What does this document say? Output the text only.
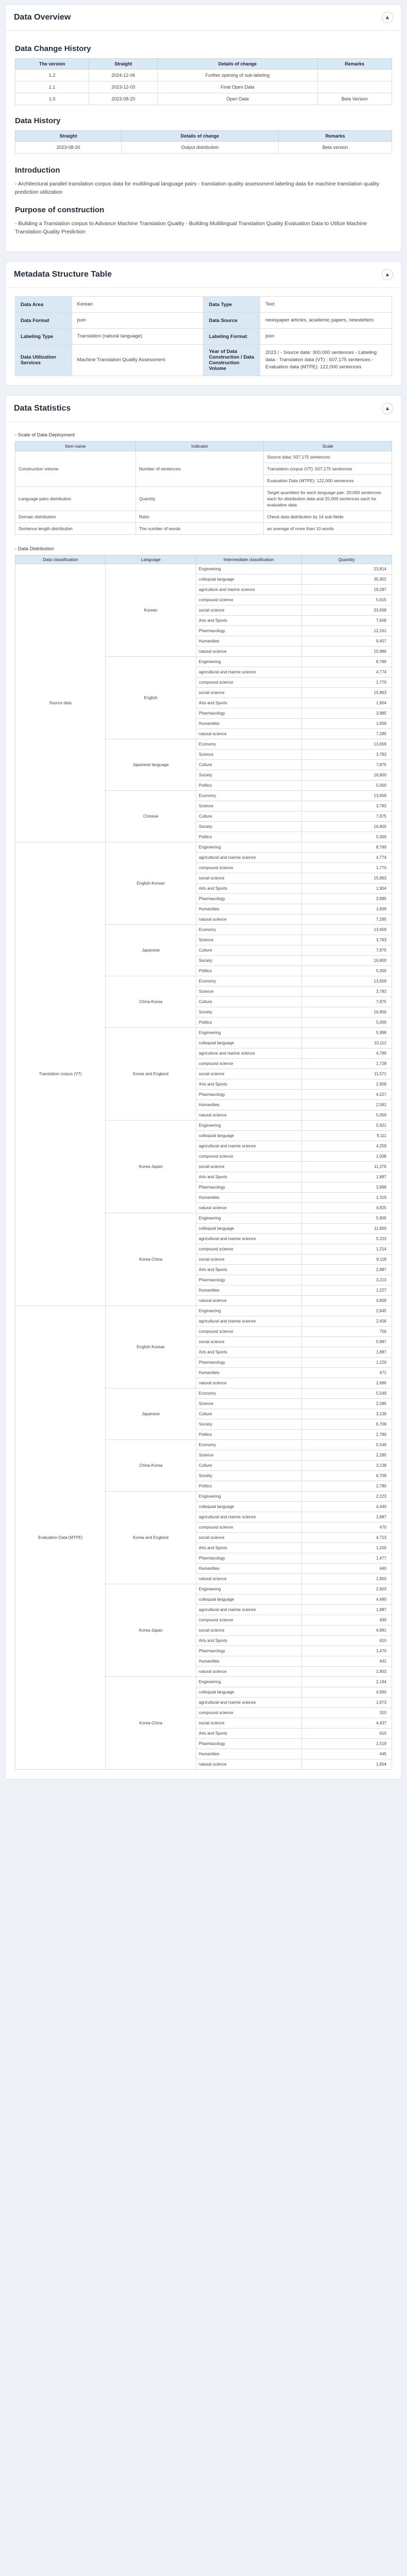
Data Overview	▲
Data Change History
The version	Straight	Details of change	Remarks
1.2	2024-12-06	Further opening of sub-labeling	
1.1	2023-12-03	Final Open Data	
1.0	2023-08-20	Open Data	Beta Version
Data History
Straight	Details of change	Remarks
2023-08-20	Output distribution	Beta version
Introduction

- Architectural parallel translation corpus data for multilingual language pairs - translation quality assessment labeling data for machine translation quality prediction utilization

Purpose of construction

- Building a Translation corpus to Advance Machine Translation Quality - Building Multilingual Translation Quality Evaluation Data to Utilize Machine Translation Quality Prediction

Metadata Structure Table	▲
Data Area	Korean	Data Type	Text
Data Format	json	Data Source	newspaper articles, academic papers, newsletters
Labeling Type	Translation (natural language)	Labeling Format	json
Data Utilization Services	Machine Translation Quality Assessment	Year of Data Construction / Data Construction Volume	2023 / - Source data: 300,000 sentences - Labeling data - Translation data (VT) : 507,175 sentences - Evaluation data (MTPE): 122,000 sentences
Data Statistics	▲
- Scale of Data Deployment
Item name	Indicator	Scale
Construction volume	Number of sentences	Source data: 507,175 sentences
		Translation corpus (VT): 507,175 sentences
		Evaluation Data (MTPE): 122,000 sentences
Language pairs distribution	Quantity	Target quantities for each language pair: 20,000 sentences each for distribution data and 20,000 sentences each for evaluation data
Domain distribution	Ratio	Check data distribution by 14 sub-fields
Sentence length distribution	The number of words	an average of more than 10 words
- Data Distribution
Data classification	Language	Intermediate classification	Quantity
Source data	Korean	Engineering	23,814
		colloquial language	35,902
		agriculture and marine science	19,287
		compound science	5,615
		social science	33,658
		Arts and Sports	7,658
		Pharmacology	12,161
		Humanities	9,457
		natural science	15,986
	English	Engineering	8,789
		agricultural and marine science	4,774
		compound science	1,770
		social science	15,863
		Arts and Sports	1,904
		Pharmacology	3,985
		Humanities	1,839
		natural science	7,285
	Japanese language	Economy	13,659
		Science	3,783
		Culture	7,875
		Society	16,800
		Politics	5,000
	Chinese	Economy	13,659
		Science	3,783
		Culture	7,875
		Society	16,800
		Politics	5,000
Translation corpus (VT)	English-Korean	Engineering	8,789
		agricultural and marine science	4,774
		compound science	1,770
		social science	15,863
		Arts and Sports	1,904
		Pharmacology	3,985
		Humanities	1,839
		natural science	7,285
	Japanese	Economy	13,659
		Science	3,783
		Culture	7,875
		Society	16,800
		Politics	5,000
	China-Korea	Economy	13,659
		Science	3,783
		Culture	7,875
		Society	16,800
		Politics	5,000
	Korea and England	Engineering	5,998
		colloquial language	10,112
		agriculture and marine science	4,789
		compound science	1,728
		social science	11,571
		Arts and Sports	2,958
		Pharmacology	4,227
		Humanities	2,581
		natural science	5,059
	Korea-Japan	Engineering	5,921
		colloquial language	9,111
		agricultural and marine science	4,259
		compound science	1,008
		social science	11,376
		Arts and Sports	1,887
		Pharmacology	3,998
		Humanities	1,319
		natural science	4,925
	Korea-China	Engineering	5,805
		colloquial language	11,800
		agricultural and marine science	5,223
		compound science	1,214
		social science	9,118
		Arts and Sports	2,887
		Pharmacology	3,213
		Humanities	1,227
		natural science	4,809
Evaluation Data (MTPE)	English-Korean	Engineering	2,845
		agricultural and marine science	2,458
		compound science	756
		social science	5,897
		Arts and Sports	1,887
		Pharmacology	1,220
		Humanities	471
		natural science	2,686
	Japanese	Economy	5,549
		Science	2,285
		Culture	3,138
		Society	6,709
		Politics	2,780
	China-Korea	Economy	5,549
		Science	2,285
		Culture	3,138
		Society	6,709
		Politics	2,780
	Korea and England	Engineering	2,223
		colloquial language	4,440
		agricultural and marine science	1,887
		compound science	470
		social science	4,713
		Arts and Sports	1,200
		Pharmacology	1,477
		Humanities	440
		natural science	1,850
	Korea-Japan	Engineering	2,603
		colloquial language	4,490
		agricultural and marine science	1,887
		compound science	490
		social science	4,991
		Arts and Sports	610
		Pharmacology	1,470
		Humanities	441
		natural science	1,903
	Korea-China	Engineering	2,194
		colloquial language	4,990
		agricultural and marine science	1,873
		compound science	310
		social science	4,437
		Arts and Sports	610
		Pharmacology	1,519
		Humanities	445
		natural science	1,804
